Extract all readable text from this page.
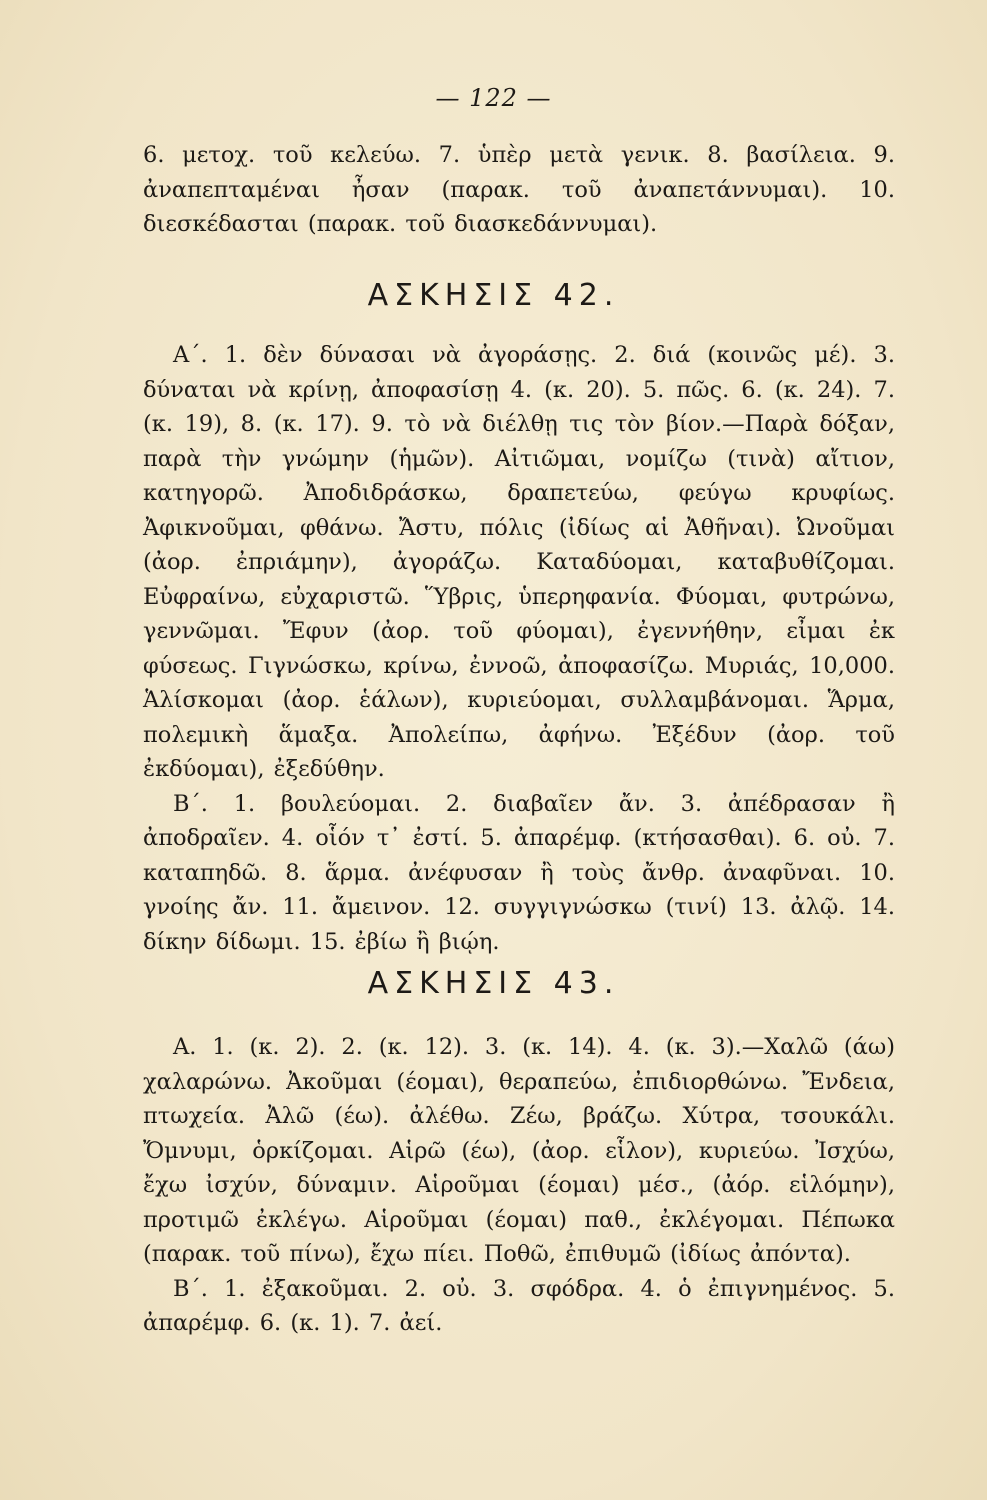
— 122 —

6. μετοχ. τοῦ κελεύω. 7. ὑπὲρ μετὰ γενικ. 8. βασίλεια. 9. ἀναπεπταμέναι ἦσαν (παρακ. τοῦ ἀναπετάννυμαι). 10. διεσκέδασται (παρακ. τοῦ διασκεδάννυμαι).

ΑΣΚΗΣΙΣ 42.

Α΄. 1. δὲν δύνασαι νὰ ἀγοράσῃς. 2. διά (κοινῶς μέ). 3. δύναται νὰ κρίνῃ, ἀποφασίσῃ 4. (κ. 20). 5. πῶς. 6. (κ. 24). 7. (κ. 19), 8. (κ. 17). 9. τὸ νὰ διέλθῃ τις τὸν βίον.—Παρὰ δόξαν, παρὰ τὴν γνώμην (ἡμῶν). Αἰτιῶμαι, νομίζω (τινὰ) αἴτιον, κατηγορῶ. Ἀποδιδράσκω, δραπετεύω, φεύγω κρυφίως. Ἀφικνοῦμαι, φθάνω. Ἄστυ, πόλις (ἰδίως αἱ Ἀθῆναι). Ὠνοῦμαι (ἀορ. ἐπριάμην), ἀγοράζω. Καταδύομαι, καταβυθίζομαι. Εὐφραίνω, εὐχαριστῶ. Ὕβρις, ὑπερηφανία. Φύομαι, φυτρώνω, γεννῶμαι. Ἔφυν (ἀορ. τοῦ φύομαι), ἐγεννήθην, εἶμαι ἐκ φύσεως. Γιγνώσκω, κρίνω, ἐννοῶ, ἀποφασίζω. Μυριάς, 10,000. Ἁλίσκομαι (ἀορ. ἑάλων), κυριεύομαι, συλλαμβάνομαι. Ἅρμα, πολεμικὴ ἅμαξα. Ἀπολείπω, ἀφήνω. Ἐξέδυν (ἀορ. τοῦ ἐκδύομαι), ἐξεδύθην.

Β΄. 1. βουλεύομαι. 2. διαβαῖεν ἄν. 3. ἀπέδρασαν ἢ ἀποδραῖεν. 4. οἷόν τ᾿ ἐστί. 5. ἀπαρέμφ. (κτήσασθαι). 6. οὐ. 7. καταπηδῶ. 8. ἅρμα. ἀνέφυσαν ἢ τοὺς ἄνθρ. ἀναφῦναι. 10. γνοίης ἄν. 11. ἄμεινον. 12. συγγιγνώσκω (τινί) 13. ἀλῷ. 14. δίκην δίδωμι. 15. ἐβίω ἢ βιῴη.

ΑΣΚΗΣΙΣ 43.

Α. 1. (κ. 2). 2. (κ. 12). 3. (κ. 14). 4. (κ. 3).—Χαλῶ (άω) χαλαρώνω. Ἀκοῦμαι (έομαι), θεραπεύω, ἐπιδιορθώνω. Ἔνδεια, πτωχεία. Ἀλῶ (έω). ἀλέθω. Ζέω, βράζω. Χύτρα, τσουκάλι. Ὄμνυμι, ὁρκίζομαι. Αἱρῶ (έω), (ἀορ. εἷλον), κυριεύω. Ἰσχύω, ἔχω ἰσχύν, δύναμιν. Αἱροῦμαι (έομαι) μέσ., (ἀόρ. εἱλόμην), προτιμῶ ἐκλέγω. Αἱροῦμαι (έομαι) παθ., ἐκλέγομαι. Πέπωκα (παρακ. τοῦ πίνω), ἔχω πίει. Ποθῶ, ἐπιθυμῶ (ἰδίως ἀπόντα).

Β΄. 1. ἐξακοῦμαι. 2. οὐ. 3. σφόδρα. 4. ὁ ἐπιγνημένος. 5. ἀπαρέμφ. 6. (κ. 1). 7. ἀεί.
